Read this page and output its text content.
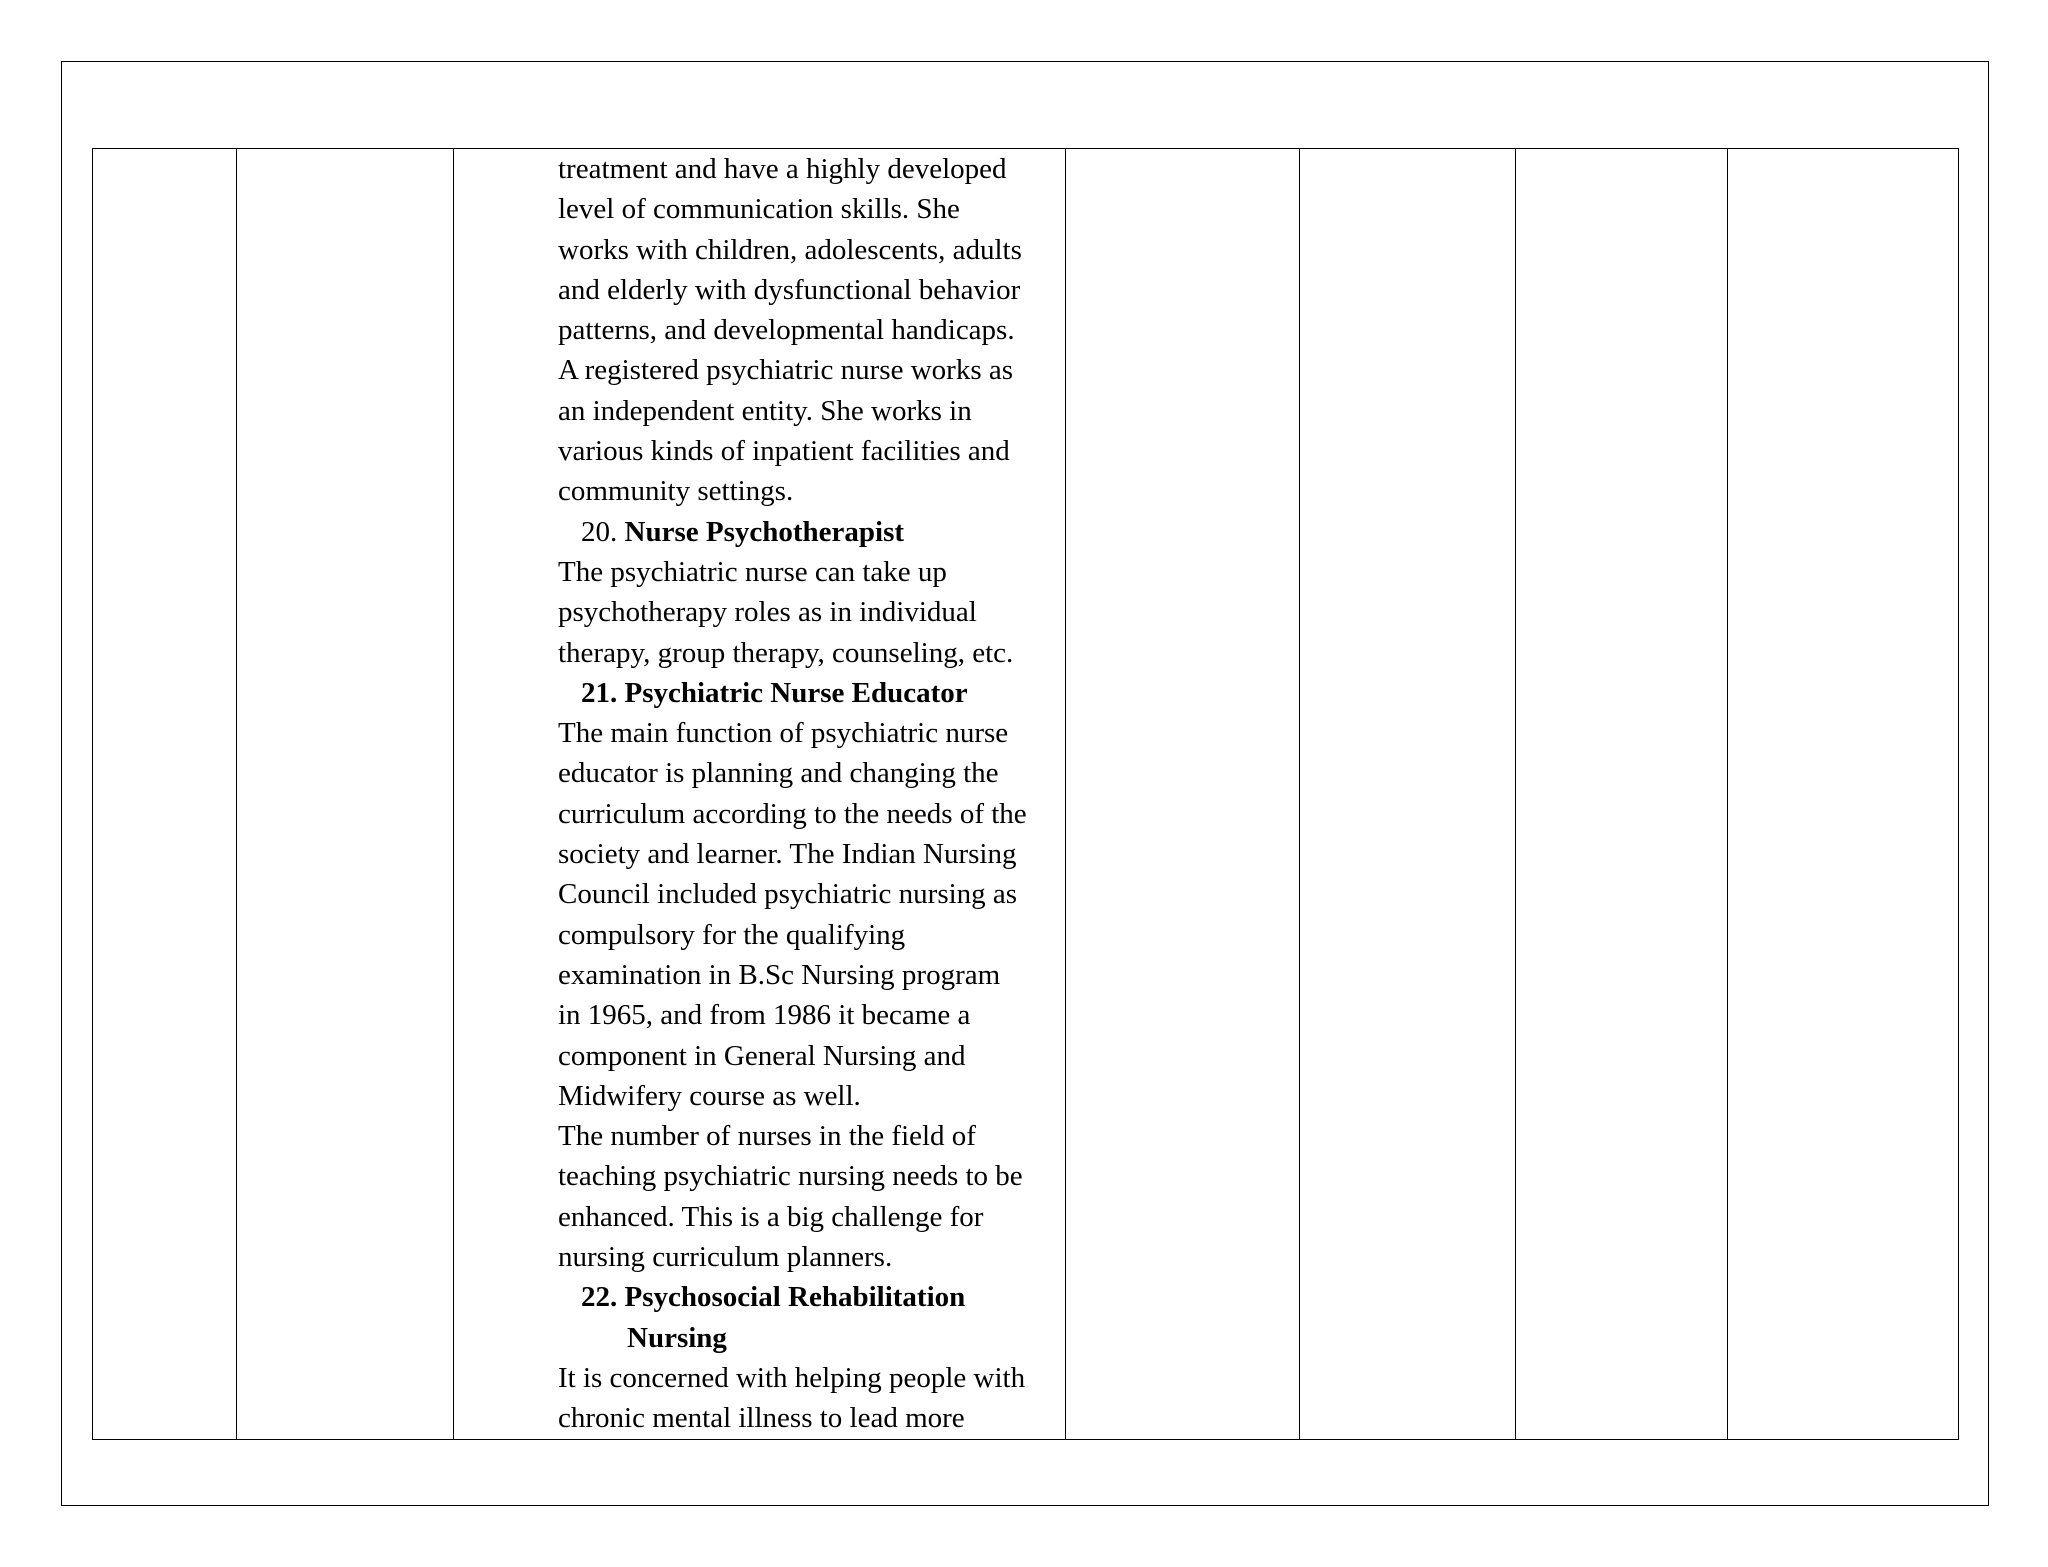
treatment and have a highly developed

level of communication skills. She

works with children, adolescents, adults

and elderly with dysfunctional behavior

patterns, and developmental handicaps.

A registered psychiatric nurse works as

an independent entity. She works in

various kinds of inpatient facilities and

community settings.

20. Nurse Psychotherapist

The psychiatric nurse can take up

psychotherapy roles as in individual

therapy, group therapy, counseling, etc.

21. Psychiatric Nurse Educator

The main function of psychiatric nurse

educator is planning and changing the

curriculum according to the needs of the

society and learner. The Indian Nursing

Council included psychiatric nursing as

compulsory for the qualifying

examination in B.Sc Nursing program

in 1965, and from 1986 it became a

component in General Nursing and

Midwifery course as well.

The number of nurses in the field of

teaching psychiatric nursing needs to be

enhanced. This is a big challenge for

nursing curriculum planners.

22. Psychosocial Rehabilitation

Nursing

It is concerned with helping people with

chronic mental illness to lead more
